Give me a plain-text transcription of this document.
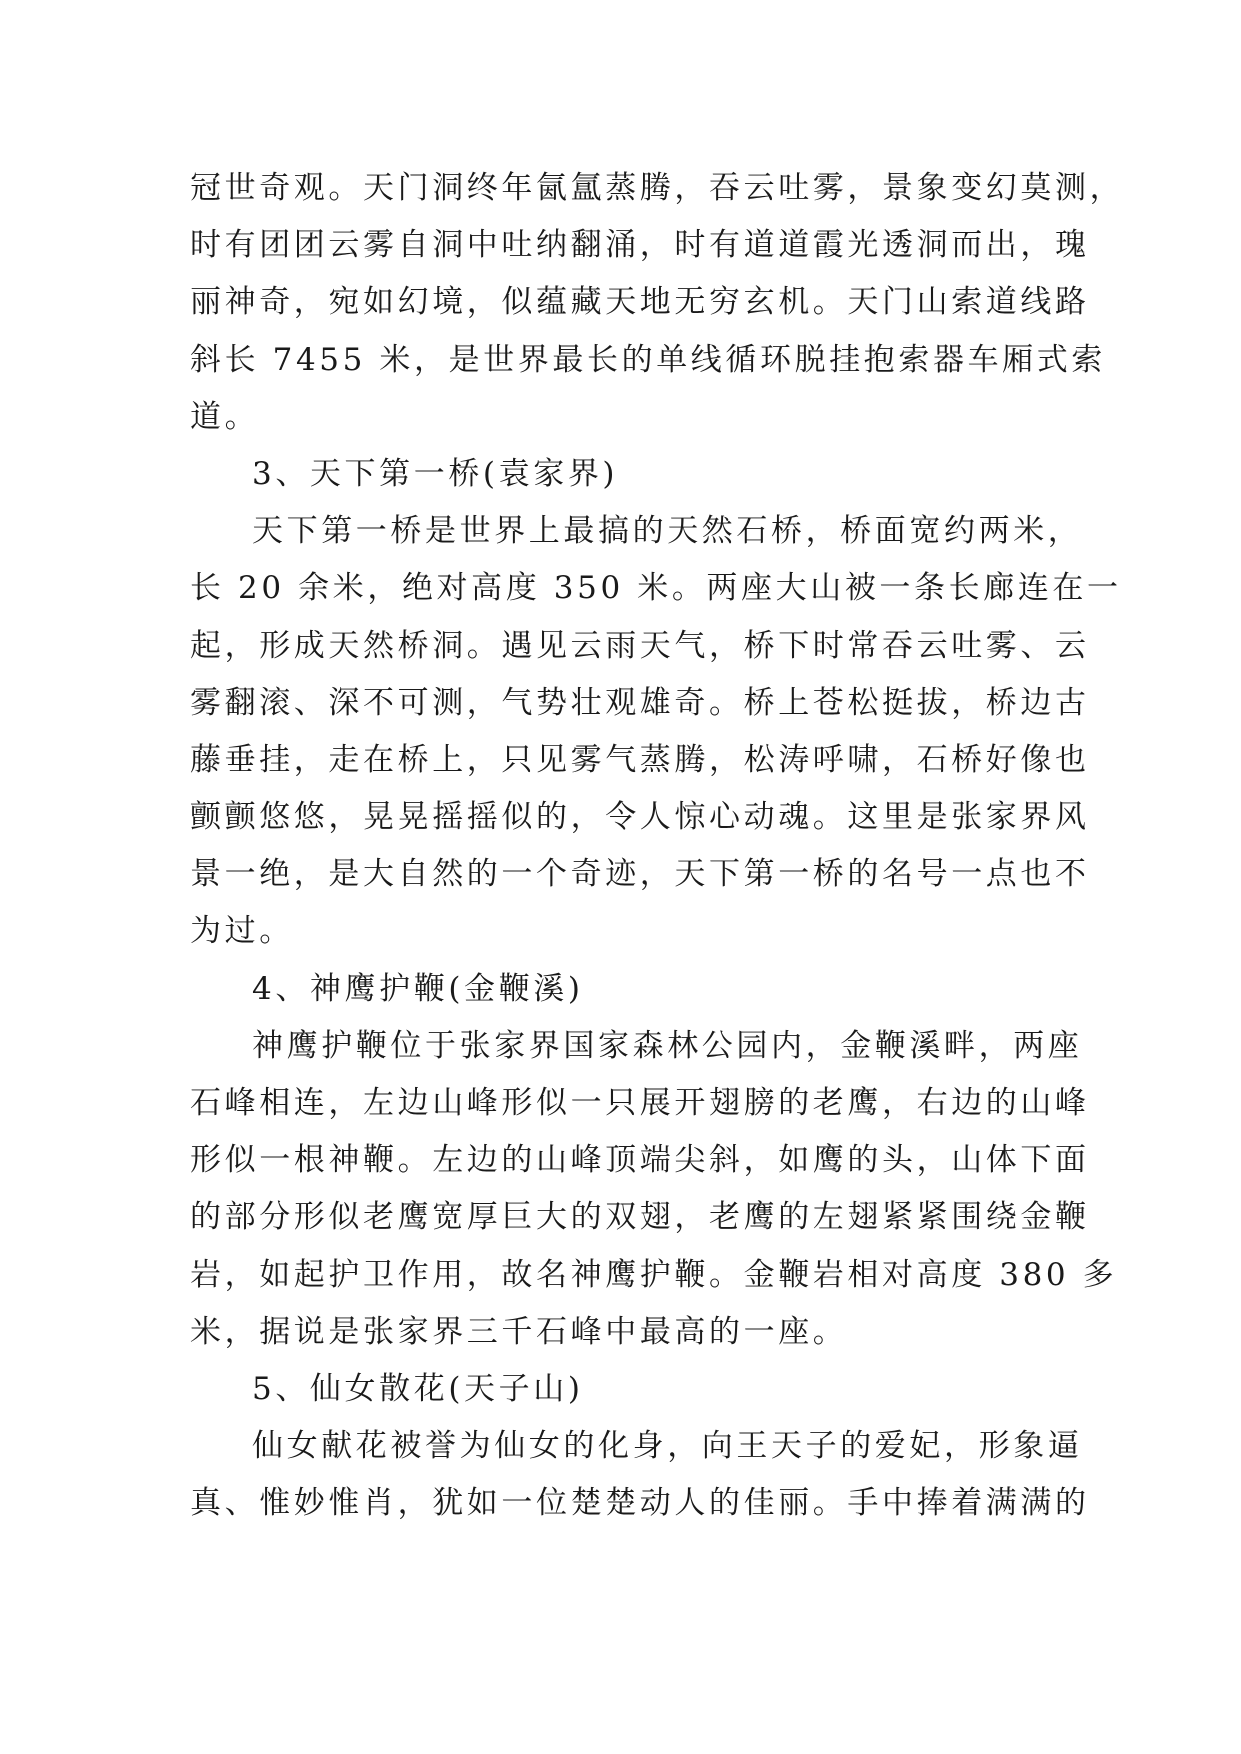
冠世奇观。天门洞终年氤氲蒸腾，吞云吐雾，景象变幻莫测，
时有团团云雾自洞中吐纳翻涌，时有道道霞光透洞而出，瑰
丽神奇，宛如幻境，似蕴藏天地无穷玄机。天门山索道线路
斜长 7455 米，是世界最长的单线循环脱挂抱索器车厢式索
道。
3、天下第一桥(袁家界)
天下第一桥是世界上最搞的天然石桥，桥面宽约两米，
长 20 余米，绝对高度 350 米。两座大山被一条长廊连在一
起，形成天然桥洞。遇见云雨天气，桥下时常吞云吐雾、云
雾翻滚、深不可测，气势壮观雄奇。桥上苍松挺拔，桥边古
藤垂挂，走在桥上，只见雾气蒸腾，松涛呼啸，石桥好像也
颤颤悠悠，晃晃摇摇似的，令人惊心动魂。这里是张家界风
景一绝，是大自然的一个奇迹，天下第一桥的名号一点也不
为过。
4、神鹰护鞭(金鞭溪)
神鹰护鞭位于张家界国家森林公园内，金鞭溪畔，两座
石峰相连，左边山峰形似一只展开翅膀的老鹰，右边的山峰
形似一根神鞭。左边的山峰顶端尖斜，如鹰的头，山体下面
的部分形似老鹰宽厚巨大的双翅，老鹰的左翅紧紧围绕金鞭
岩，如起护卫作用，故名神鹰护鞭。金鞭岩相对高度 380 多
米，据说是张家界三千石峰中最高的一座。
5、仙女散花(天子山)
仙女献花被誉为仙女的化身，向王天子的爱妃，形象逼
真、惟妙惟肖，犹如一位楚楚动人的佳丽。手中捧着满满的
